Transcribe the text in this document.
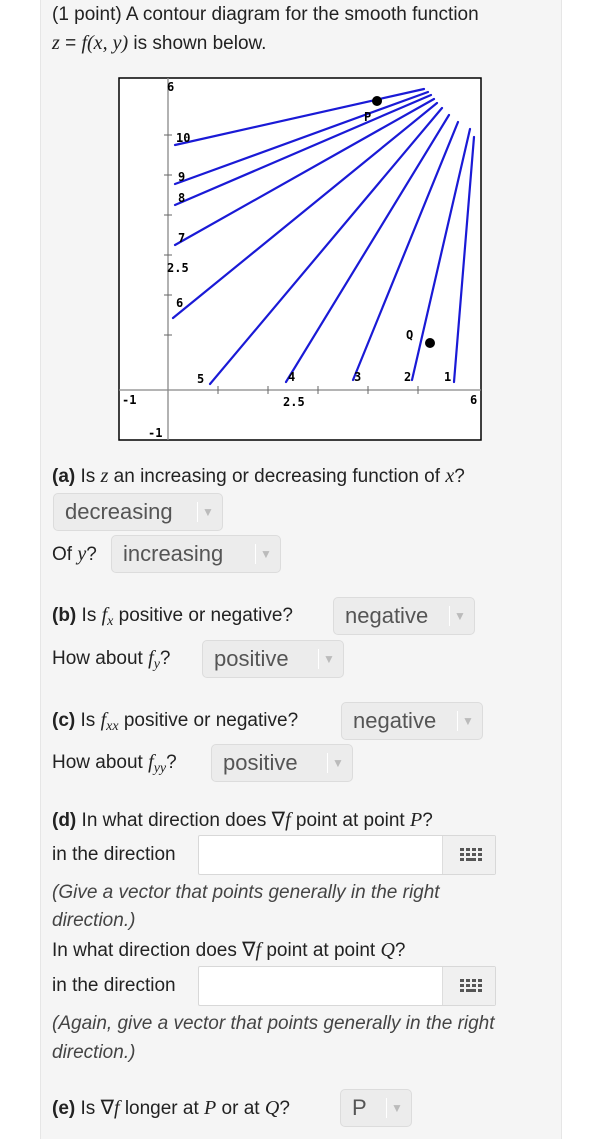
(1 point) A contour diagram for the smooth function
z = f(x, y) is shown below.
10
9
8
7
6
5	4	3	2	1
6
2.5
-1
2.5	6
-1
P
Q
(a) Is z an increasing or decreasing function of x?
decreasing	▼
Of y?	increasing	▼
(b) Is $f_x$ positive or negative?	negative	▼
How about $f_y$?	positive	▼
(c) Is $f_{xx}$ positive or negative?	negative	▼
How about $f_{yy}$?	positive	▼
(d) In what direction does ∇f point at point P?
in the direction
(Give a vector that points generally in the right
direction.)
In what direction does ∇f point at point Q?
in the direction
(Again, give a vector that points generally in the right
direction.)
(e) Is ∇f longer at P or at Q?	P	▼
